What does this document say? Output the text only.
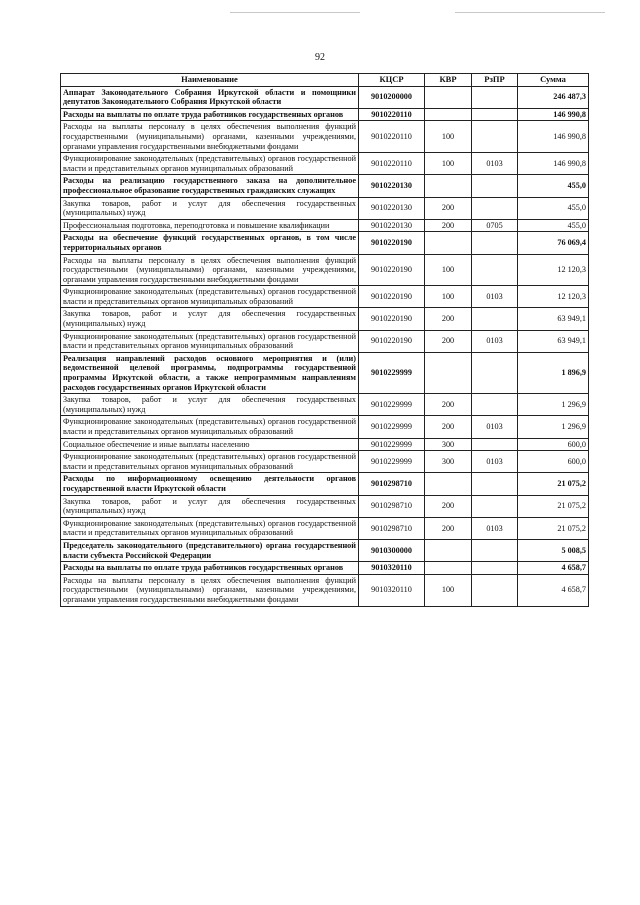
92
Наименование	КЦСР	КВР	РзПР	Сумма
Аппарат Законодательного Собрания Иркутской области и помощники депутатов Законодательного Собрания Иркутской области	9010200000			246 487,3
Расходы на выплаты по оплате труда работников государственных органов	9010220110			146 990,8
Расходы на выплаты персоналу в целях обеспечения выполнения функций государственными (муниципальными) органами, казенными учреждениями, органами управления государственными внебюджетными фондами	9010220110	100		146 990,8
Функционирование законодательных (представительных) органов государственной власти и представительных органов муниципальных образований	9010220110	100	0103	146 990,8
Расходы на реализацию государственного заказа на дополнительное профессиональное образование государственных гражданских служащих	9010220130			455,0
Закупка товаров, работ и услуг для обеспечения государственных (муниципальных) нужд	9010220130	200		455,0
Профессиональная подготовка, переподготовка и повышение квалификации	9010220130	200	0705	455,0
Расходы на обеспечение функций государственных органов, в том числе территориальных органов	9010220190			76 069,4
Расходы на выплаты персоналу в целях обеспечения выполнения функций государственными (муниципальными) органами, казенными учреждениями, органами управления государственными внебюджетными фондами	9010220190	100		12 120,3
Функционирование законодательных (представительных) органов государственной власти и представительных органов муниципальных образований	9010220190	100	0103	12 120,3
Закупка товаров, работ и услуг для обеспечения государственных (муниципальных) нужд	9010220190	200		63 949,1
Функционирование законодательных (представительных) органов государственной власти и представительных органов муниципальных образований	9010220190	200	0103	63 949,1
Реализация направлений расходов основного мероприятия и (или) ведомственной целевой программы, подпрограммы государственной программы Иркутской области, а также непрограммным направлениям расходов государственных органов Иркутской области	9010229999			1 896,9
Закупка товаров, работ и услуг для обеспечения государственных (муниципальных) нужд	9010229999	200		1 296,9
Функционирование законодательных (представительных) органов государственной власти и представительных органов муниципальных образований	9010229999	200	0103	1 296,9
Социальное обеспечение и иные выплаты населению	9010229999	300		600,0
Функционирование законодательных (представительных) органов государственной власти и представительных органов муниципальных образований	9010229999	300	0103	600,0
Расходы по информационному освещению деятельности органов государственной власти Иркутской области	9010298710			21 075,2
Закупка товаров, работ и услуг для обеспечения государственных (муниципальных) нужд	9010298710	200		21 075,2
Функционирование законодательных (представительных) органов государственной власти и представительных органов муниципальных образований	9010298710	200	0103	21 075,2
Председатель законодательного (представительного) органа государственной власти субъекта Российской Федерации	9010300000			5 008,5
Расходы на выплаты по оплате труда работников государственных органов	9010320110			4 658,7
Расходы на выплаты персоналу в целях обеспечения выполнения функций государственными (муниципальными) органами, казенными учреждениями, органами управления государственными внебюджетными фондами	9010320110	100		4 658,7
